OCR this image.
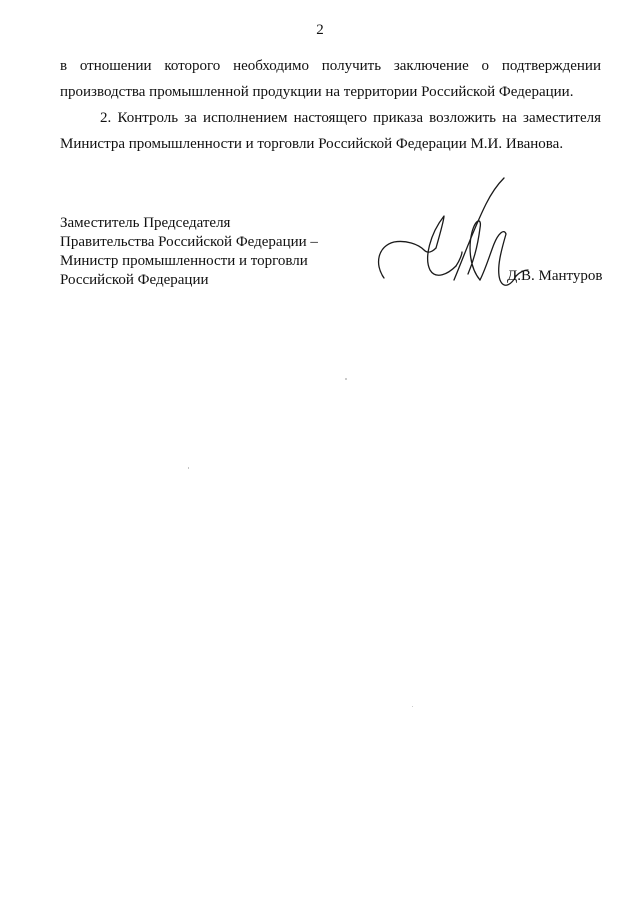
2
в отношении которого необходимо получить заключение о подтверждении производства промышленной продукции на территории Российской Федерации.
2. Контроль за исполнением настоящего приказа возложить на заместителя Министра промышленности и торговли Российской Федерации М.И. Иванова.
Заместитель Председателя
Правительства Российской Федерации –
Министр промышленности и торговли
Российской Федерации	Д.В. Мантуров
